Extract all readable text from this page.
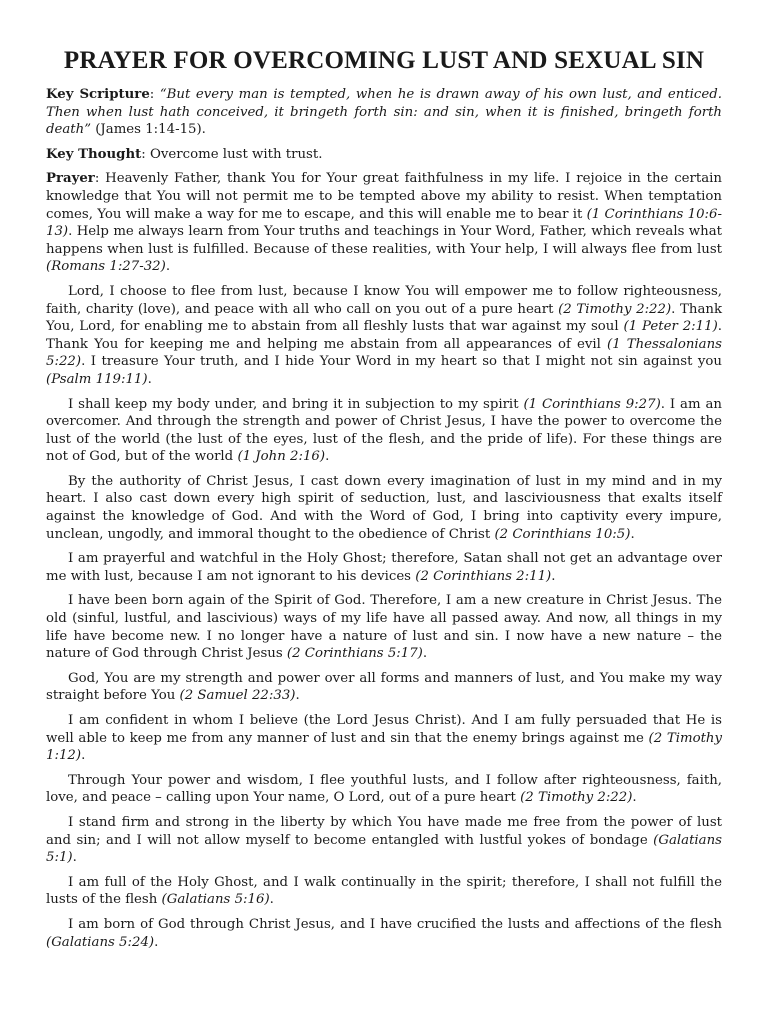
PRAYER FOR OVERCOMING LUST AND SEXUAL SIN

Key Scripture: “But every man is tempted, when he is drawn away of his own lust, and enticed. Then when lust hath conceived, it bringeth forth sin: and sin, when it is finished, bringeth forth death” (James 1:14-15).

Key Thought: Overcome lust with trust.

Prayer: Heavenly Father, thank You for Your great faithfulness in my life. I rejoice in the certain knowledge that You will not permit me to be tempted above my ability to resist. When temptation comes, You will make a way for me to escape, and this will enable me to bear it (1 Corinthians 10:6-13). Help me always learn from Your truths and teachings in Your Word, Father, which reveals what happens when lust is fulfilled. Because of these realities, with Your help, I will always flee from lust (Romans 1:27-32).

Lord, I choose to flee from lust, because I know You will empower me to follow righteousness, faith, charity (love), and peace with all who call on you out of a pure heart (2 Timothy 2:22). Thank You, Lord, for enabling me to abstain from all fleshly lusts that war against my soul (1 Peter 2:11). Thank You for keeping me and helping me abstain from all appearances of evil (1 Thessalonians 5:22). I treasure Your truth, and I hide Your Word in my heart so that I might not sin against you (Psalm 119:11).

I shall keep my body under, and bring it in subjection to my spirit (1 Corinthians 9:27). I am an overcomer. And through the strength and power of Christ Jesus, I have the power to overcome the lust of the world (the lust of the eyes, lust of the flesh, and the pride of life). For these things are not of God, but of the world (1 John 2:16).

By the authority of Christ Jesus, I cast down every imagination of lust in my mind and in my heart. I also cast down every high spirit of seduction, lust, and lasciviousness that exalts itself against the knowledge of God. And with the Word of God, I bring into captivity every impure, unclean, ungodly, and immoral thought to the obedience of Christ (2 Corinthians 10:5).

I am prayerful and watchful in the Holy Ghost; therefore, Satan shall not get an advantage over me with lust, because I am not ignorant to his devices (2 Corinthians 2:11).

I have been born again of the Spirit of God. Therefore, I am a new creature in Christ Jesus. The old (sinful, lustful, and lascivious) ways of my life have all passed away. And now, all things in my life have become new. I no longer have a nature of lust and sin. I now have a new nature – the nature of God through Christ Jesus (2 Corinthians 5:17).

God, You are my strength and power over all forms and manners of lust, and You make my way straight before You (2 Samuel 22:33).

I am confident in whom I believe (the Lord Jesus Christ). And I am fully persuaded that He is well able to keep me from any manner of lust and sin that the enemy brings against me (2 Timothy 1:12).

Through Your power and wisdom, I flee youthful lusts, and I follow after righteousness, faith, love, and peace – calling upon Your name, O Lord, out of a pure heart (2 Timothy 2:22).

I stand firm and strong in the liberty by which You have made me free from the power of lust and sin; and I will not allow myself to become entangled with lustful yokes of bondage (Galatians 5:1).

I am full of the Holy Ghost, and I walk continually in the spirit; therefore, I shall not fulfill the lusts of the flesh (Galatians 5:16).

I am born of God through Christ Jesus, and I have crucified the lusts and affections of the flesh (Galatians 5:24).
